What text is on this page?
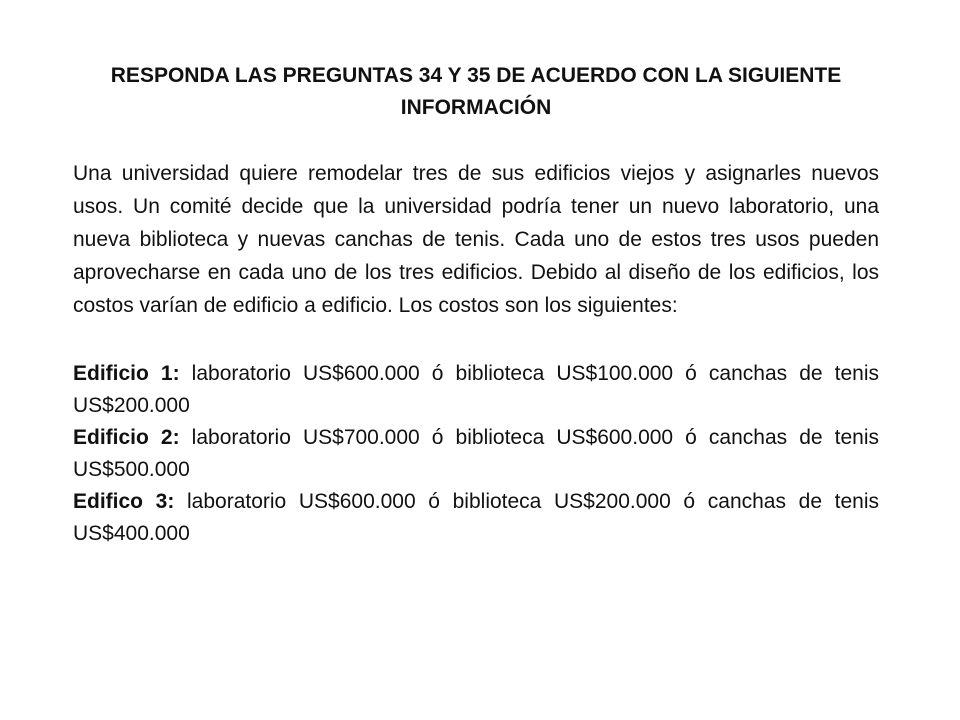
RESPONDA LAS PREGUNTAS 34 Y 35 DE ACUERDO CON LA SIGUIENTE INFORMACIÓN

Una universidad quiere remodelar tres de sus edificios viejos y asignarles nuevos usos. Un comité decide que la universidad podría tener un nuevo laboratorio, una nueva biblioteca y nuevas canchas de tenis. Cada uno de estos tres usos pueden aprovecharse en cada uno de los tres edificios. Debido al diseño de los edificios, los costos varían de edificio a edificio. Los costos son los siguientes:

Edificio 1: laboratorio US$600.000 ó biblioteca US$100.000 ó canchas de tenis US$200.000

Edificio 2: laboratorio US$700.000 ó biblioteca US$600.000 ó canchas de tenis US$500.000

Edifico 3: laboratorio US$600.000 ó biblioteca US$200.000 ó canchas de tenis US$400.000
